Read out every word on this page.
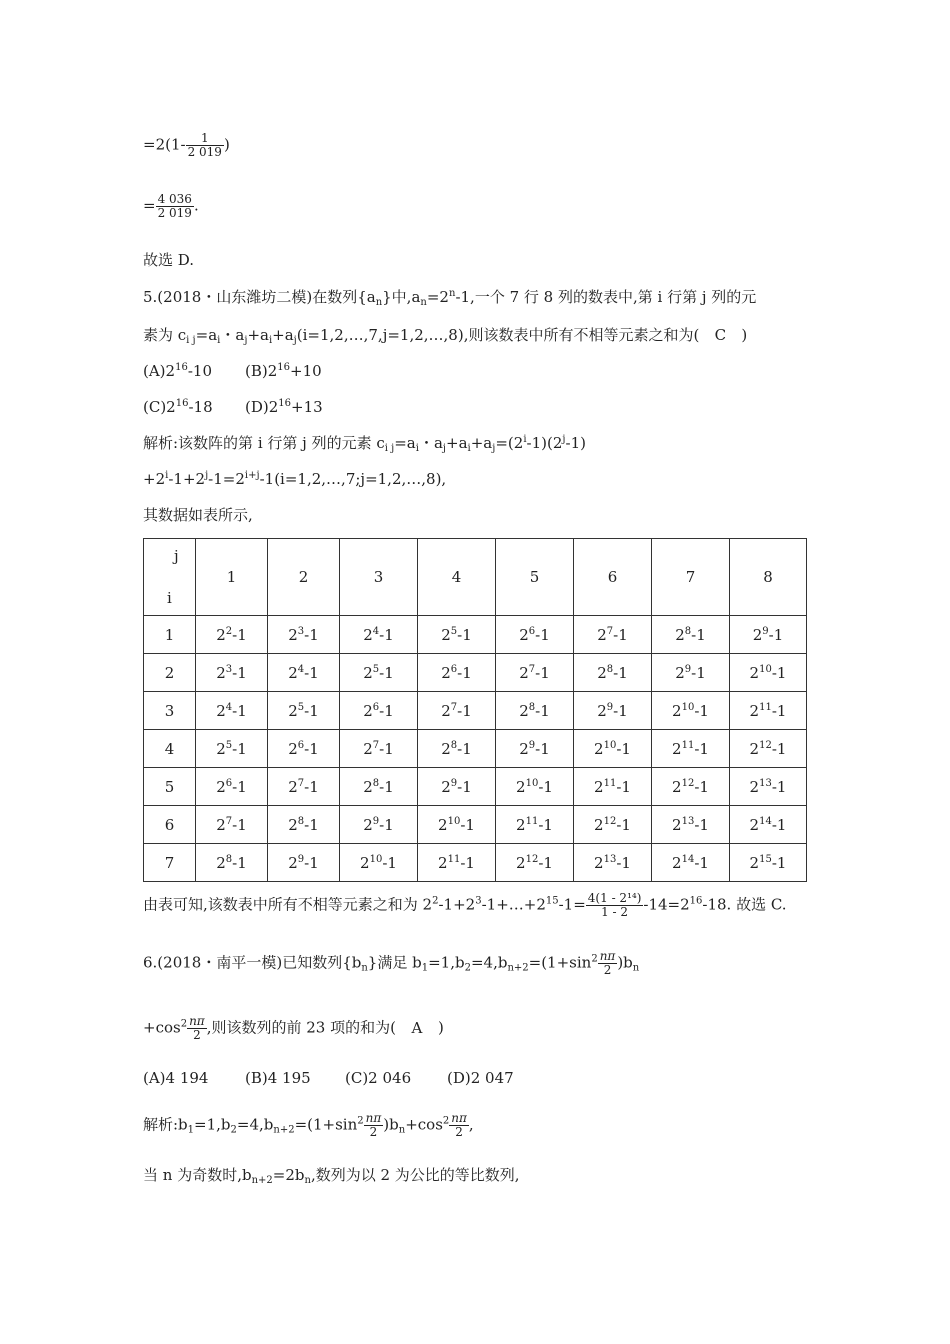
$=2(1- \frac{1}{2 019}$ )
= $\frac{4 036}{2 019}$ .
故选 D.
5.(2018・山东潍坊二模)在数列$\{a_n\}$中$,a_n=2^n-1$,一个 7 行 8 列的数表中,第 i 行第 j 列的元
素为 $c_{i j}=a_i$・$a_j+a_i+a_j(i=1,2,\dots,7,j=1,2,\dots,8)$,则该数表中所有不相等元素之和为( C )
$(A)2^{16}-10$ $(B)2^{16}+10$
$(C)2^{16}-18$ $(D)2^{16}+13$
解析:该数阵的第 i 行第 j 列的元素 $c_{i j}=a_i$・$a_j+a_i+a_j=(2^i-1)(2^j-1)$
$+2^i-1+2^j-1=2^{i+j}-1(i=1,2,\dots,7;j=1,2,\dots,8)$,
其数据如表所示,
j
i	1	2	3	4	5	6	7	8
1	$2^2-1$	$2^3-1$	$2^4-1$	$2^5-1$	$2^6-1$	$2^7-1$	$2^8-1$	$2^9-1$
2	$2^3-1$	$2^4-1$	$2^5-1$	$2^6-1$	$2^7-1$	$2^8-1$	$2^9-1$	$2^{10}-1$
3	$2^4-1$	$2^5-1$	$2^6-1$	$2^7-1$	$2^8-1$	$2^9-1$	$2^{10}-1$	$2^{11}-1$
4	$2^5-1$	$2^6-1$	$2^7-1$	$2^8-1$	$2^9-1$	$2^{10}-1$	$2^{11}-1$	$2^{12}-1$
5	$2^6-1$	$2^7-1$	$2^8-1$	$2^9-1$	$2^{10}-1$	$2^{11}-1$	$2^{12}-1$	$2^{13}-1$
6	$2^7-1$	$2^8-1$	$2^9-1$	$2^{10}-1$	$2^{11}-1$	$2^{12}-1$	$2^{13}-1$	$2^{14}-1$
7	$2^8-1$	$2^9-1$	$2^{10}-1$	$2^{11}-1$	$2^{12}-1$	$2^{13}-1$	$2^{14}-1$	$2^{15}-1$
由表可知,该数表中所有不相等元素之和为 $2^2-1+2^3-1+\dots+2^{15}-1= \frac{\text{4(1 - 2¹⁴)}}{1 - 2} -14=2^{16}-18$. 故选 C.
6.(2018・南平一模)已知数列$\{b_n\}$满足 $b_1=1,b_2=4,b_{n+2}=(1+\sin^2 \frac{n\pi}{2} )b_n$
$+\cos^2 \frac{n\pi}{2}$ ,则该数列的前 23 项的和为( A )
(A)4 194 (B)4 195 (C)2 046 (D)2 047
解析$:b_1=1,b_2=4,b_{n+2}=(1+\sin^2 \frac{n\pi}{2} )b_n+\cos^2 \frac{n\pi}{2}$ ,
当 n 为奇数时$,b_{n+2}=2b_n$,数列为以 2 为公比的等比数列,
